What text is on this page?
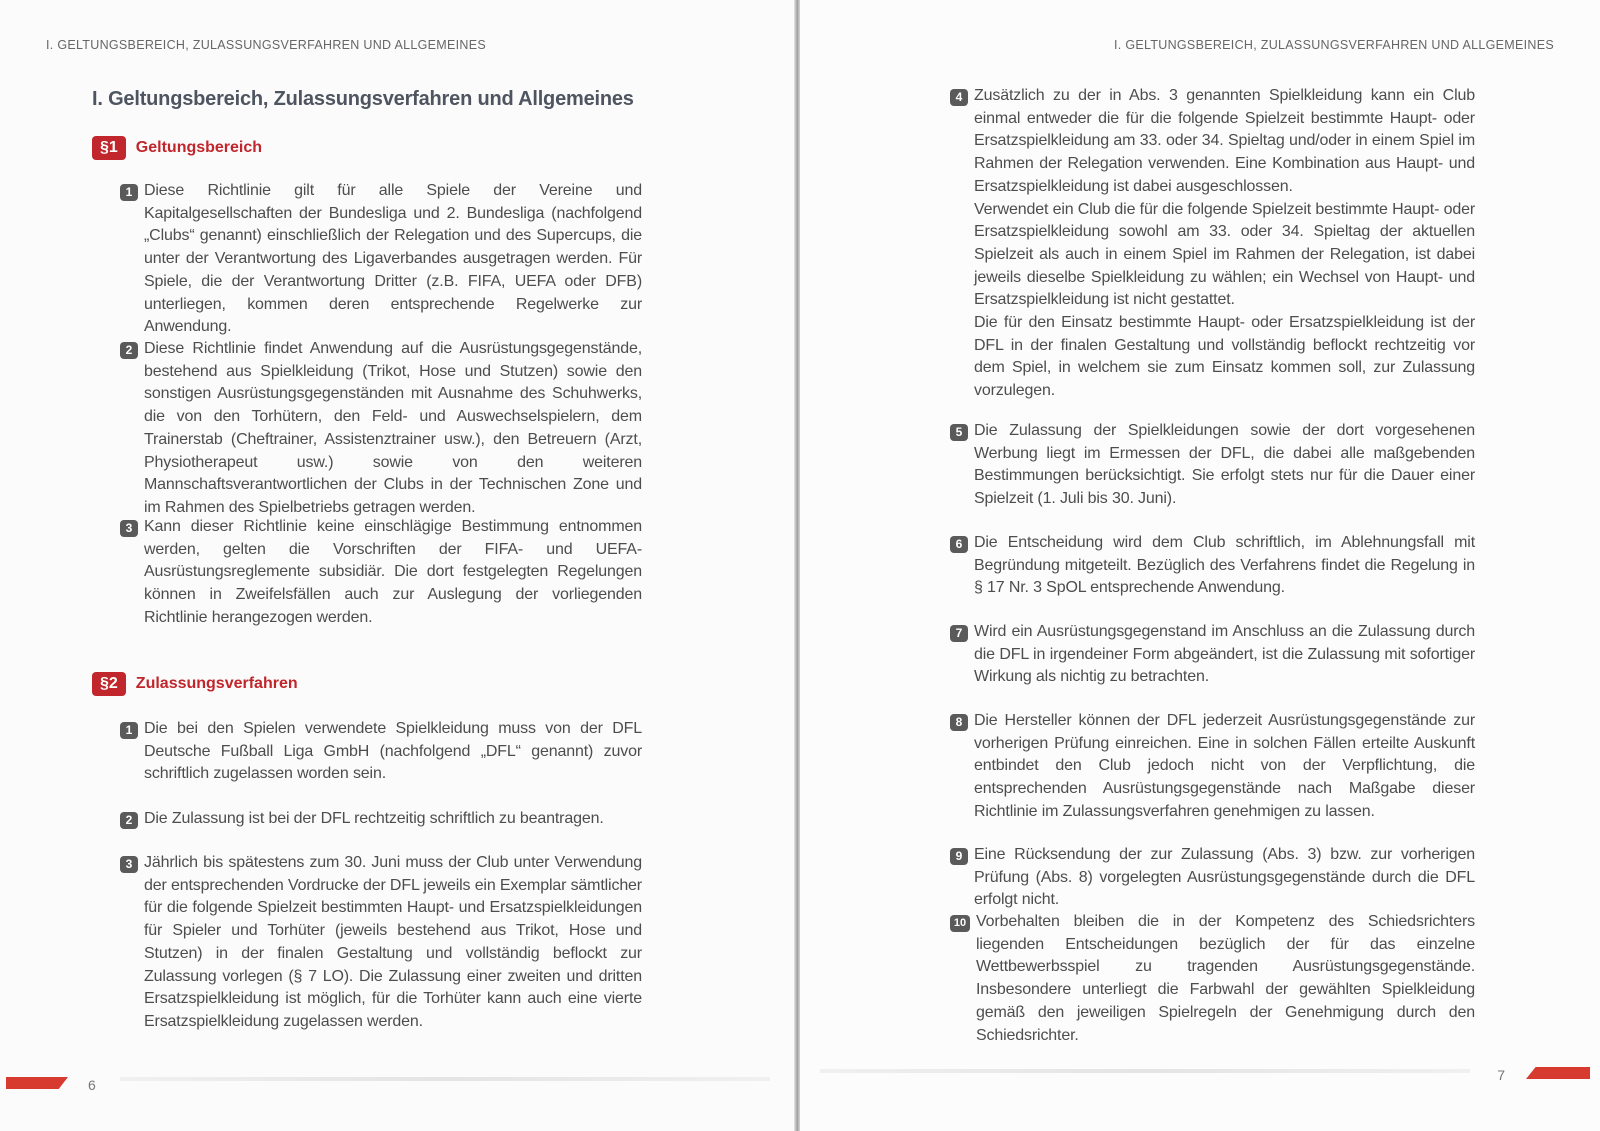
I. GELTUNGSBEREICH, ZULASSUNGSVERFAHREN UND ALLGEMEINES
I. Geltungsbereich, Zulassungsverfahren und Allgemeines
§1	Geltungsbereich
1 Diese Richtlinie gilt für alle Spiele der Vereine und Kapitalgesellschaften der Bundesliga und 2. Bundesliga (nachfolgend „Clubs“ genannt) einschließlich der Relegation und des Supercups, die unter der Verantwortung des Ligaverbandes ausgetragen werden. Für Spiele, die der Verantwortung Dritter (z.B. FIFA, UEFA oder DFB) unterliegen, kommen deren entsprechende Regelwerke zur Anwendung.
2 Diese Richtlinie findet Anwendung auf die Ausrüstungsgegenstände, bestehend aus Spielkleidung (Trikot, Hose und Stutzen) sowie den sonstigen Ausrüstungsgegenständen mit Ausnahme des Schuhwerks, die von den Torhütern, den Feld- und Auswechselspielern, dem Trainerstab (Cheftrainer, Assistenztrainer usw.), den Betreuern (Arzt, Physiotherapeut usw.) sowie von den weiteren Mannschaftsverantwortlichen der Clubs in der Technischen Zone und im Rahmen des Spielbetriebs getragen werden.
3 Kann dieser Richtlinie keine einschlägige Bestimmung entnommen werden, gelten die Vorschriften der FIFA- und UEFA-Ausrüstungsreglemente subsidiär. Die dort festgelegten Regelungen können in Zweifelsfällen auch zur Auslegung der vorliegenden Richtlinie herangezogen werden.
§2	Zulassungsverfahren
1 Die bei den Spielen verwendete Spielkleidung muss von der DFL Deutsche Fußball Liga GmbH (nachfolgend „DFL“ genannt) zuvor schriftlich zugelassen worden sein.
2 Die Zulassung ist bei der DFL rechtzeitig schriftlich zu beantragen.
3 Jährlich bis spätestens zum 30. Juni muss der Club unter Verwendung der entsprechenden Vordrucke der DFL jeweils ein Exemplar sämtlicher für die folgende Spielzeit bestimmten Haupt- und Ersatzspielkleidungen für Spieler und Torhüter (jeweils bestehend aus Trikot, Hose und Stutzen) in der finalen Gestaltung und vollständig beflockt zur Zulassung vorlegen (§ 7 LO). Die Zulassung einer zweiten und dritten Ersatzspielkleidung ist möglich, für die Torhüter kann auch eine vierte Ersatzspielkleidung zugelassen werden.
6
I. GELTUNGSBEREICH, ZULASSUNGSVERFAHREN UND ALLGEMEINES
4 Zusätzlich zu der in Abs. 3 genannten Spielkleidung kann ein Club einmal entweder die für die folgende Spielzeit bestimmte Haupt- oder Ersatzspielkleidung am 33. oder 34. Spieltag und/oder in einem Spiel im Rahmen der Relegation verwenden. Eine Kombination aus Haupt- und Ersatzspielkleidung ist dabei ausgeschlossen.
Verwendet ein Club die für die folgende Spielzeit bestimmte Haupt- oder Ersatzspielkleidung sowohl am 33. oder 34. Spieltag der aktuellen Spielzeit als auch in einem Spiel im Rahmen der Relegation, ist dabei jeweils dieselbe Spielkleidung zu wählen; ein Wechsel von Haupt- und Ersatzspielkleidung ist nicht gestattet.
Die für den Einsatz bestimmte Haupt- oder Ersatzspielkleidung ist der DFL in der finalen Gestaltung und vollständig beflockt rechtzeitig vor dem Spiel, in welchem sie zum Einsatz kommen soll, zur Zulassung vorzulegen.
5 Die Zulassung der Spielkleidungen sowie der dort vorgesehenen Werbung liegt im Ermessen der DFL, die dabei alle maßgebenden Bestimmungen berücksichtigt. Sie erfolgt stets nur für die Dauer einer Spielzeit (1. Juli bis 30. Juni).
6 Die Entscheidung wird dem Club schriftlich, im Ablehnungsfall mit Begründung mitgeteilt. Bezüglich des Verfahrens findet die Regelung in § 17 Nr. 3 SpOL entsprechende Anwendung.
7 Wird ein Ausrüstungsgegenstand im Anschluss an die Zulassung durch die DFL in irgendeiner Form abgeändert, ist die Zulassung mit sofortiger Wirkung als nichtig zu betrachten.
8 Die Hersteller können der DFL jederzeit Ausrüstungsgegenstände zur vorherigen Prüfung einreichen. Eine in solchen Fällen erteilte Auskunft entbindet den Club jedoch nicht von der Verpflichtung, die entsprechenden Ausrüstungsgegenstände nach Maßgabe dieser Richtlinie im Zulassungsverfahren genehmigen zu lassen.
9 Eine Rücksendung der zur Zulassung (Abs. 3) bzw. zur vorherigen Prüfung (Abs. 8) vorgelegten Ausrüstungsgegenstände durch die DFL erfolgt nicht.
10 Vorbehalten bleiben die in der Kompetenz des Schiedsrichters liegenden Entscheidungen bezüglich der für das einzelne Wettbewerbsspiel zu tragenden Ausrüstungsgegenstände. Insbesondere unterliegt die Farbwahl der gewählten Spielkleidung gemäß den jeweiligen Spielregeln der Genehmigung durch den Schiedsrichter.
7
